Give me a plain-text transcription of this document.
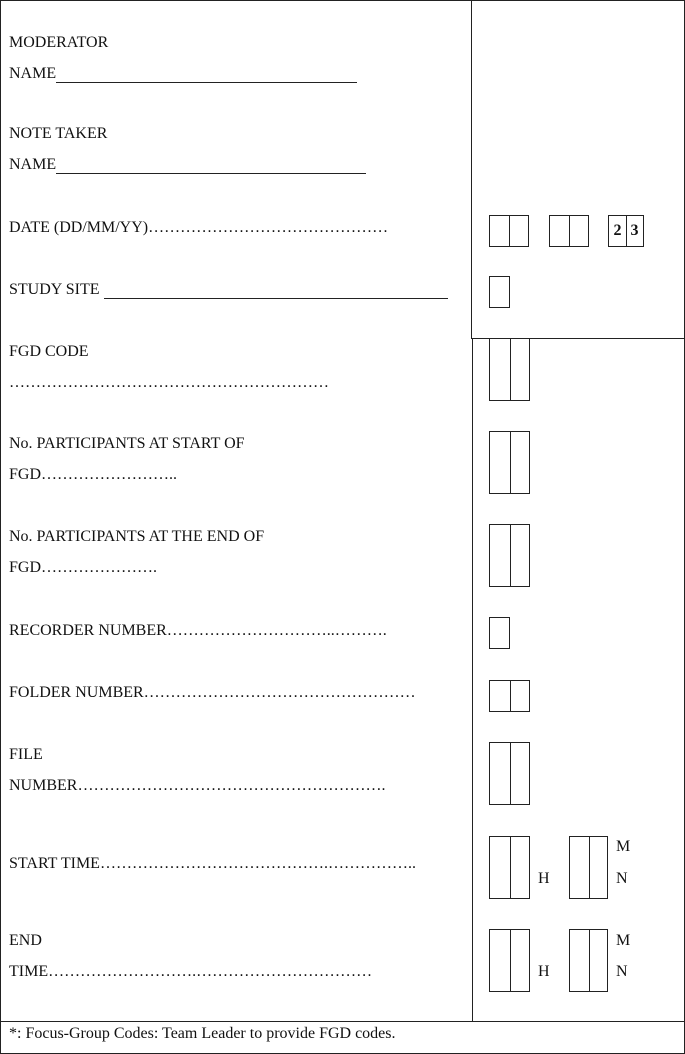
MODERATOR
NAME
NOTE TAKER
NAME
DATE (DD/MM/YY)………………………………………	2 3
STUDY SITE
FGD CODE
……………………………………………………
No. PARTICIPANTS AT START OF
FGD……………………..
No. PARTICIPANTS AT THE END OF
FGD………………….
RECORDER NUMBER…………………………..……….
FOLDER NUMBER……………………………………………
FILE
NUMBER………………………………………………….
START TIME…………………………………….……………..
H
M
N
END
TIME……………………….……………………………	H
M
N
*: Focus-Group Codes: Team Leader to provide FGD codes.
